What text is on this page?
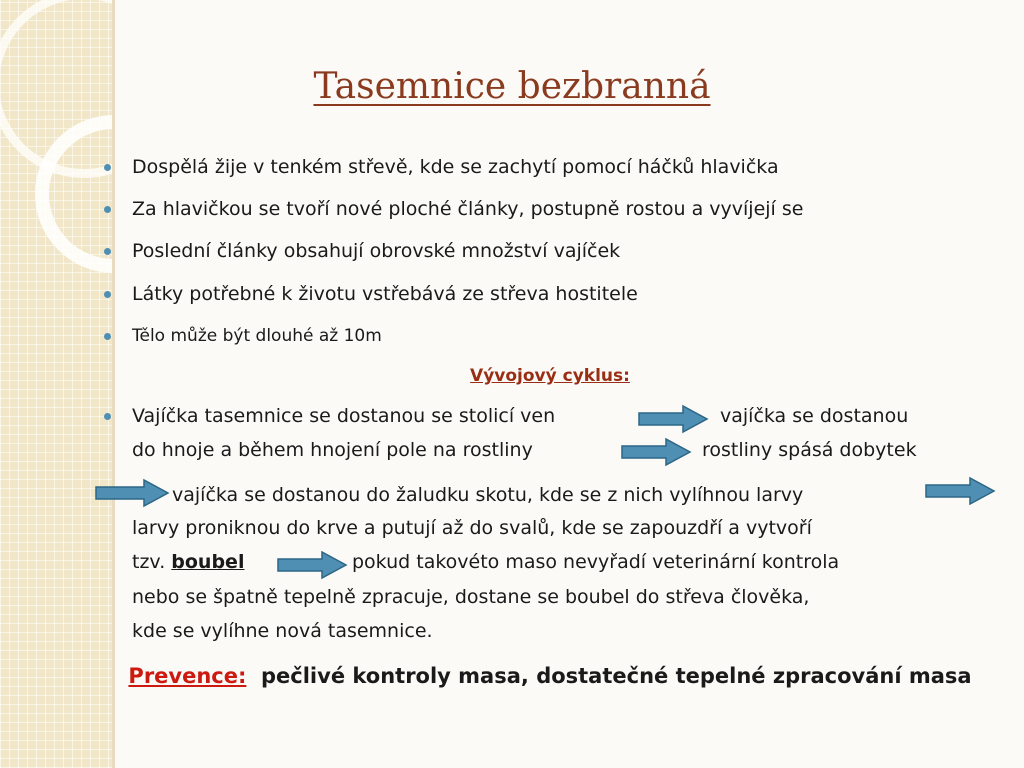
Tasemnice bezbranná
Dospělá žije v tenkém střevě, kde se zachytí pomocí háčků hlavička
Za hlavičkou se tvoří nové ploché články, postupně rostou a vyvíjejí se
Poslední články obsahují obrovské množství vajíček
Látky potřebné k životu vstřebává ze střeva hostitele
Tělo může být dlouhé až 10m
Vývojový cyklus:
Vajíčka tasemnice se dostanou se stolicí ven	vajíčka se dostanou
do hnoje a během hnojení pole na rostliny	rostliny spásá dobytek
vajíčka se dostanou do žaludku skotu, kde se z nich vylíhnou larvy
larvy proniknou do krve a putují až do svalů, kde se zapouzdří a vytvoří
tzv. boubel	pokud takovéto maso nevyřadí veterinární kontrola
nebo se špatně tepelně zpracuje, dostane se boubel do střeva člověka,
kde se vylíhne nová tasemnice.
Prevence: pečlivé kontroly masa, dostatečné tepelné zpracování masa
